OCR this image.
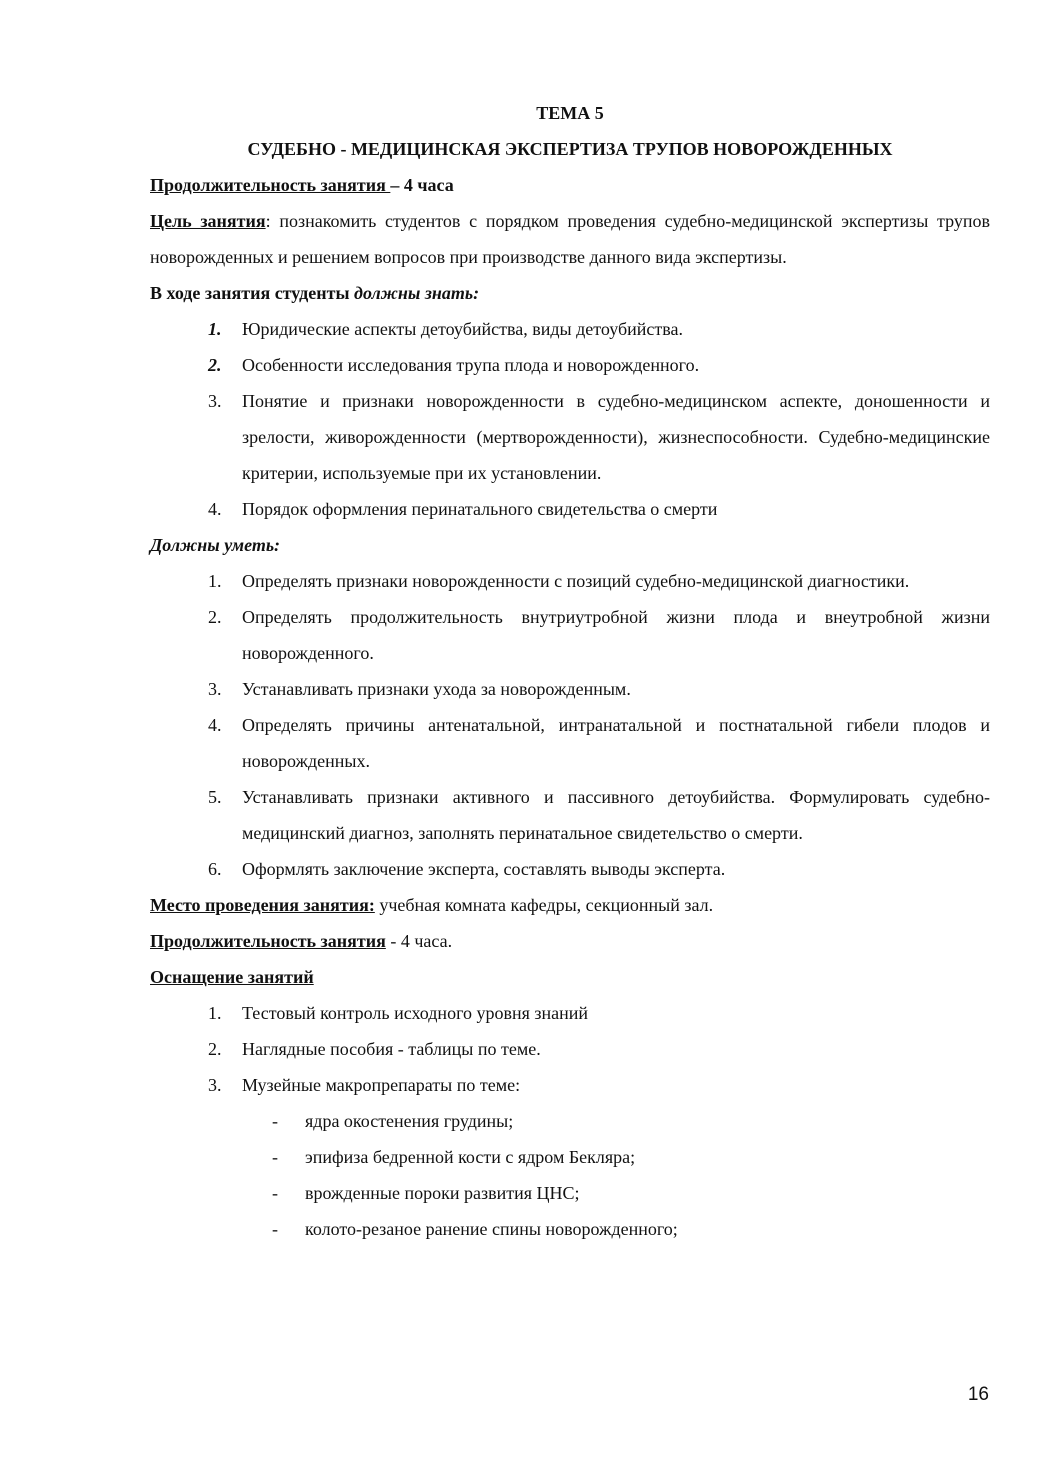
ТЕМА 5

СУДЕБНО - МЕДИЦИНСКАЯ ЭКСПЕРТИЗА ТРУПОВ НОВОРОЖДЕННЫХ

Продолжительность занятия – 4 часа

Цель занятия: познакомить студентов с порядком проведения судебно-медицинской экспертизы трупов новорожденных и решением вопросов при производстве данного вида экспертизы.

В ходе занятия студенты должны знать:

1.	Юридические аспекты детоубийства, виды детоубийства.
2.	Особенности исследования трупа плода и новорожденного.
3.	Понятие и признаки новорожденности в судебно-медицинском аспекте, доношенности и зрелости, живорожденности (мертворожденности), жизнеспособности. Судебно-медицинские критерии, используемые при их установлении.
4.	Порядок оформления перинатального свидетельства о смерти

Должны уметь:

1.	Определять признаки новорожденности с позиций судебно-медицинской диагностики.
2.	Определять продолжительность внутриутробной жизни плода и внеутробной жизни новорожденного.
3.	Устанавливать признаки ухода за новорожденным.
4.	Определять причины антенатальной, интранатальной и постнатальной гибели плодов и новорожденных.
5.	Устанавливать признаки активного и пассивного детоубийства. Формулировать судебно-медицинский диагноз, заполнять перинатальное свидетельство о смерти.
6.	Оформлять заключение эксперта, составлять выводы эксперта.

Место проведения занятия: учебная комната кафедры, секционный зал.

Продолжительность занятия - 4 часа.

Оснащение занятий

1.	Тестовый контроль исходного уровня знаний
2.	Наглядные пособия - таблицы по теме.
3.	Музейные макропрепараты по теме:
- ядра окостенения грудины;
- эпифиза бедренной кости с ядром Бекляра;
- врожденные пороки развития ЦНС;
- колото-резаное ранение спины новорожденного;
16
